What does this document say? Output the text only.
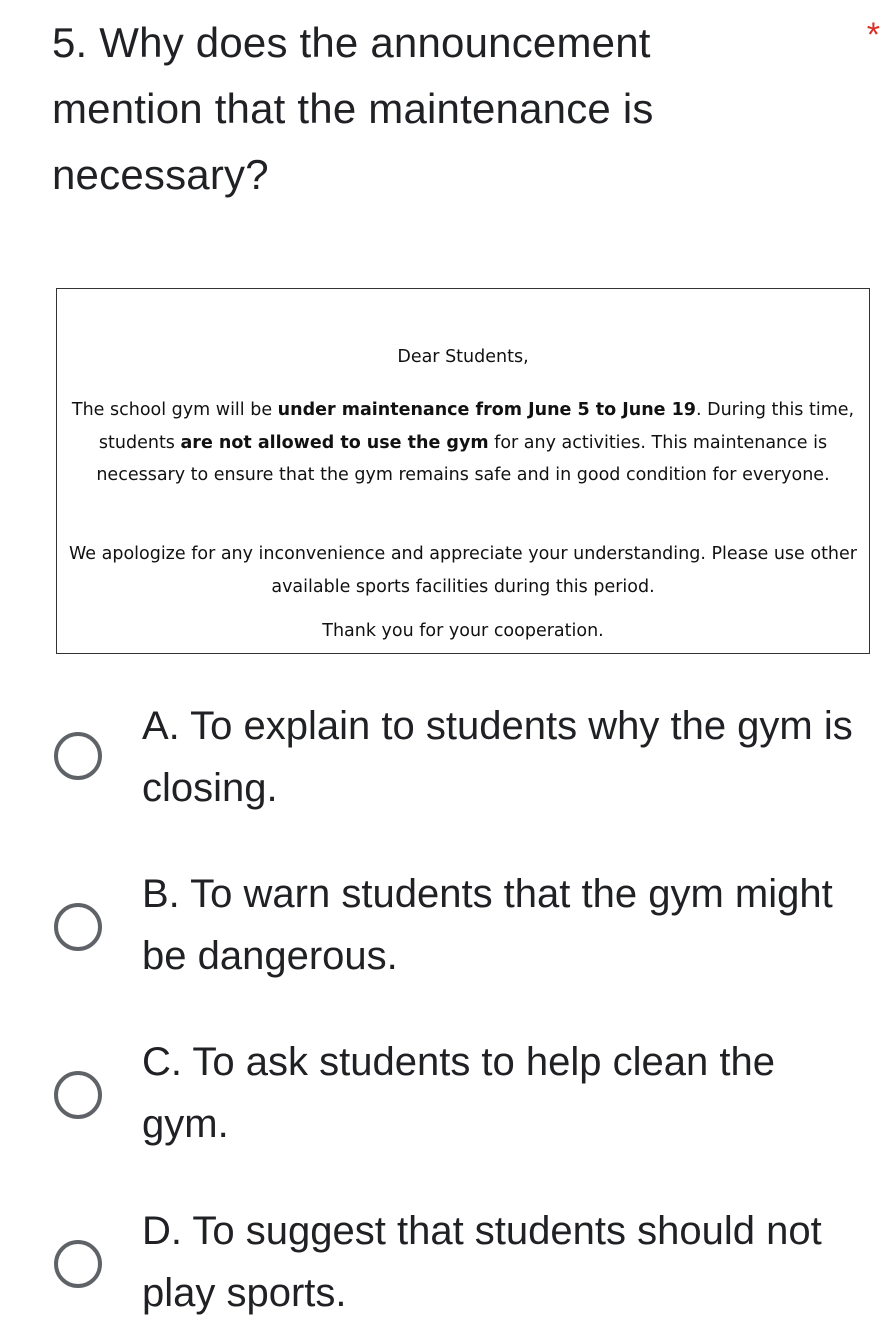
5. Why does the announcement mention that the maintenance is necessary?
*

Dear Students,

The school gym will be under maintenance from June 5 to June 19. During this time, students are not allowed to use the gym for any activities. This maintenance is necessary to ensure that the gym remains safe and in good condition for everyone.

We apologize for any inconvenience and appreciate your understanding. Please use other available sports facilities during this period.

Thank you for your cooperation.

A. To explain to students why the gym is closing.
B. To warn students that the gym might be dangerous.
C. To ask students to help clean the gym.
D. To suggest that students should not play sports.
